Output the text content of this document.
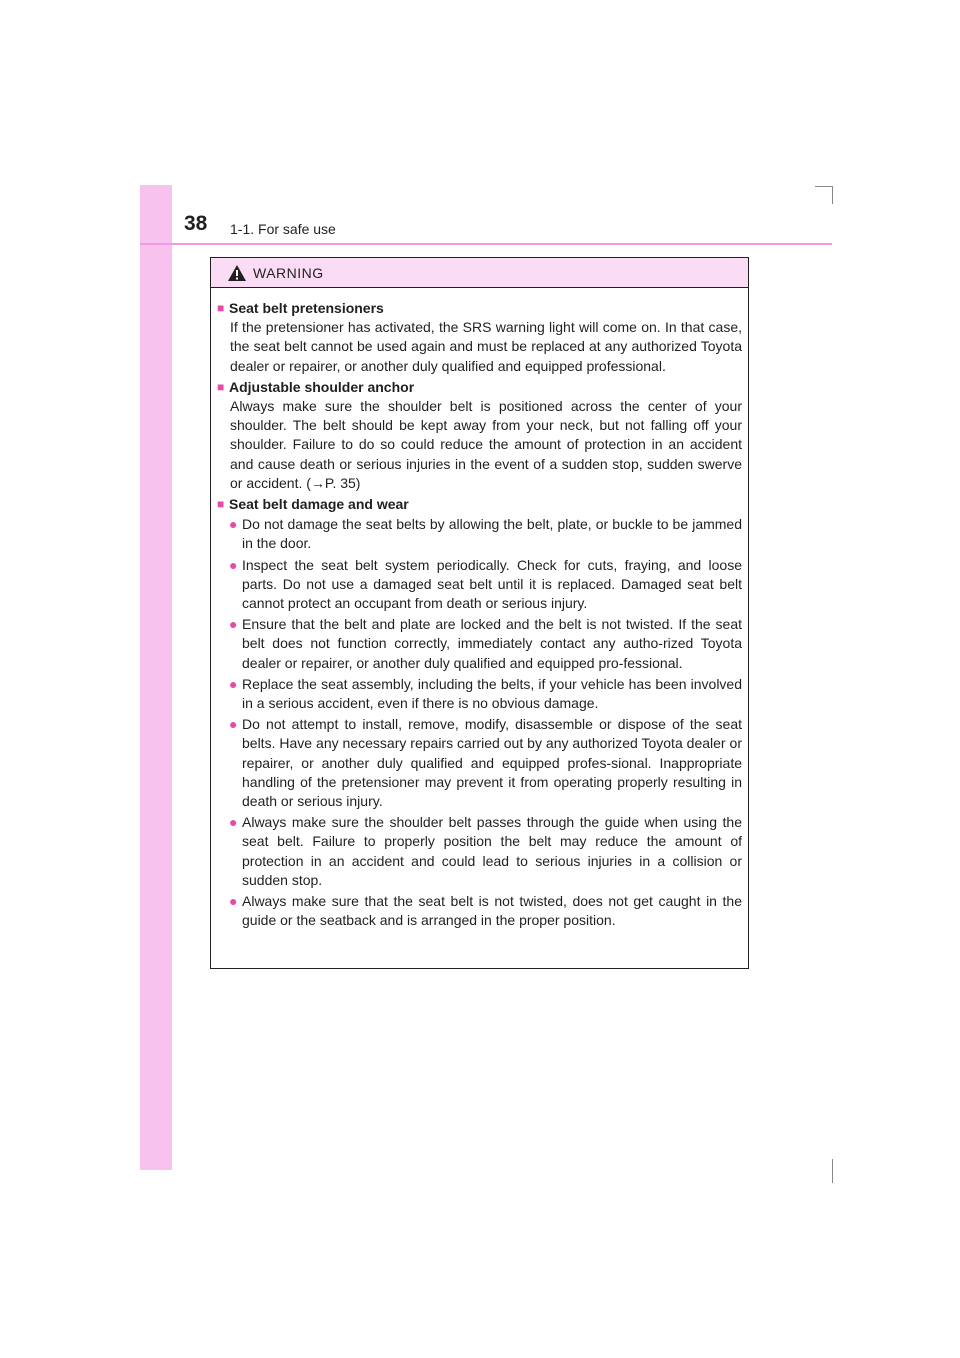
38 1-1. For safe use
WARNING
■ Seat belt pretensioners
If the pretensioner has activated, the SRS warning light will come on. In that case, the seat belt cannot be used again and must be replaced at any authorized Toyota dealer or repairer, or another duly qualified and equipped professional.
■ Adjustable shoulder anchor
Always make sure the shoulder belt is positioned across the center of your shoulder. The belt should be kept away from your neck, but not falling off your shoulder. Failure to do so could reduce the amount of protection in an accident and cause death or serious injuries in the event of a sudden stop, sudden swerve or accident. (→P. 35)
■ Seat belt damage and wear
● Do not damage the seat belts by allowing the belt, plate, or buckle to be jammed in the door.
● Inspect the seat belt system periodically. Check for cuts, fraying, and loose parts. Do not use a damaged seat belt until it is replaced. Damaged seat belt cannot protect an occupant from death or serious injury.
● Ensure that the belt and plate are locked and the belt is not twisted. If the seat belt does not function correctly, immediately contact any autho-rized Toyota dealer or repairer, or another duly qualified and equipped pro-fessional.
● Replace the seat assembly, including the belts, if your vehicle has been involved in a serious accident, even if there is no obvious damage.
● Do not attempt to install, remove, modify, disassemble or dispose of the seat belts. Have any necessary repairs carried out by any authorized Toyota dealer or repairer, or another duly qualified and equipped profes-sional. Inappropriate handling of the pretensioner may prevent it from operating properly resulting in death or serious injury.
● Always make sure the shoulder belt passes through the guide when using the seat belt. Failure to properly position the belt may reduce the amount of protection in an accident and could lead to serious injuries in a collision or sudden stop.
● Always make sure that the seat belt is not twisted, does not get caught in the guide or the seatback and is arranged in the proper position.
